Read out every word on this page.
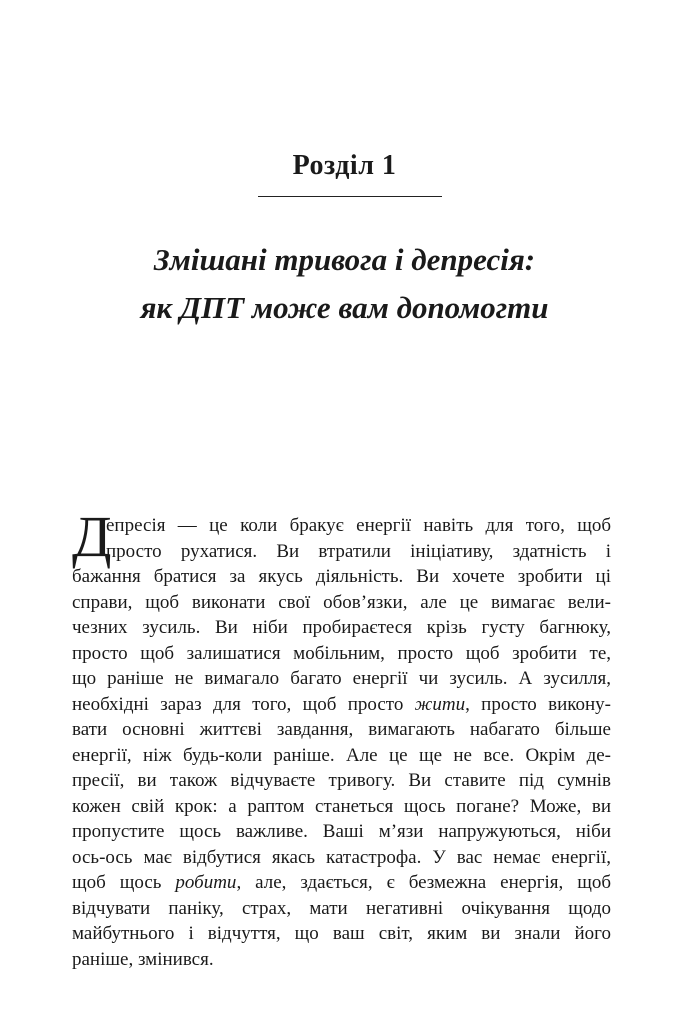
Розділ 1
Змішані тривога і депресія:
як ДПТ може вам допомогти
Д
епресія — це коли бракує енергії навіть для того, щоб
просто рухатися. Ви втратили ініціативу, здатність і
бажання братися за якусь діяльність. Ви хочете зробити ці
справи, щоб виконати свої обов’язки, але це вимагає вели-
чезних зусиль. Ви ніби пробираєтеся крізь густу багнюку,
просто щоб залишатися мобільним, просто щоб зробити те,
що раніше не вимагало багато енергії чи зусиль. А зусилля,
необхідні зараз для того, щоб просто жити, просто викону-
вати основні життєві завдання, вимагають набагато більше
енергії, ніж будь-коли раніше. Але це ще не все. Окрім де-
пресії, ви також відчуваєте тривогу. Ви ставите під сумнів
кожен свій крок: а раптом станеться щось погане? Може, ви
пропустите щось важливе. Ваші м’язи напружуються, ніби
ось-ось має відбутися якась катастрофа. У вас немає енергії,
щоб щось робити, але, здається, є безмежна енергія, щоб
відчувати паніку, страх, мати негативні очікування щодо
майбутнього і відчуття, що ваш світ, яким ви знали його
раніше, змінився.
